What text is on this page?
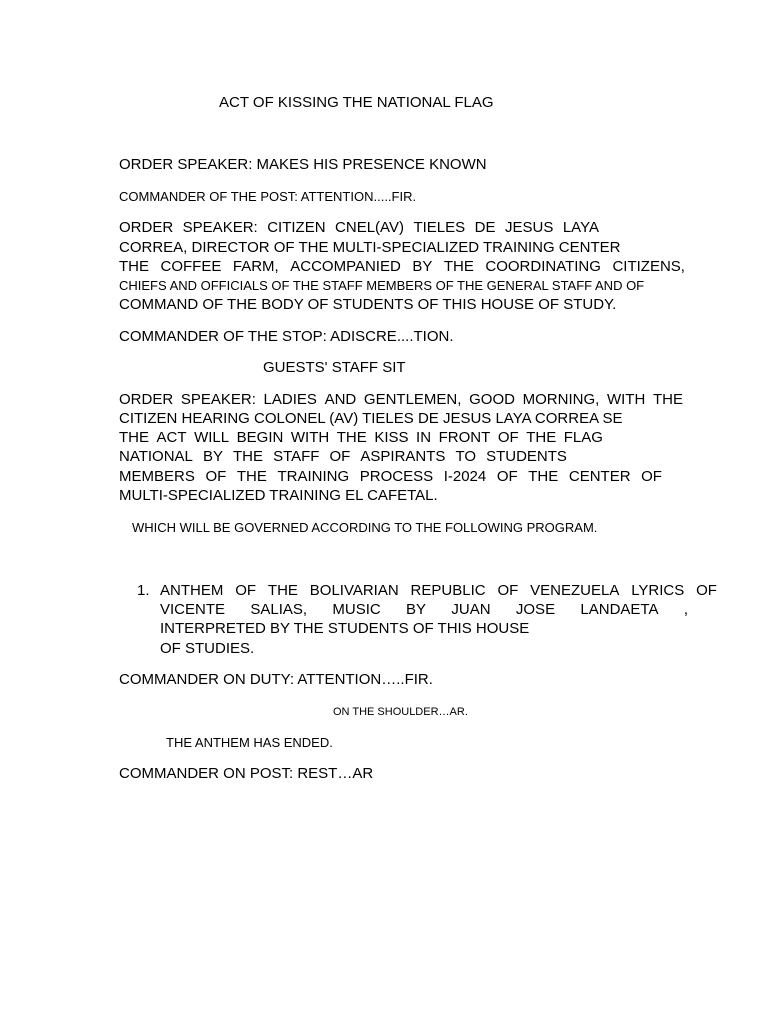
ACT OF KISSING THE NATIONAL FLAG
ORDER SPEAKER: MAKES HIS PRESENCE KNOWN
COMMANDER OF THE POST: ATTENTION.....FIR.
ORDER SPEAKER: CITIZEN CNEL(AV) TIELES DE JESUS LAYA
CORREA, DIRECTOR OF THE MULTI-SPECIALIZED TRAINING CENTER
THE COFFEE FARM, ACCOMPANIED BY THE COORDINATING CITIZENS,
CHIEFS AND OFFICIALS OF THE STAFF MEMBERS OF THE GENERAL STAFF AND OF
COMMAND OF THE BODY OF STUDENTS OF THIS HOUSE OF STUDY.
COMMANDER OF THE STOP: ADISCRE....TION.
GUESTS' STAFF SIT
ORDER SPEAKER: LADIES AND GENTLEMEN, GOOD MORNING, WITH THE
CITIZEN HEARING COLONEL (AV) TIELES DE JESUS LAYA CORREA SE
THE ACT WILL BEGIN WITH THE KISS IN FRONT OF THE FLAG
NATIONAL BY THE STAFF OF ASPIRANTS TO STUDENTS
MEMBERS OF THE TRAINING PROCESS I-2024 OF THE CENTER OF
MULTI-SPECIALIZED TRAINING EL CAFETAL.
WHICH WILL BE GOVERNED ACCORDING TO THE FOLLOWING PROGRAM.
1. ANTHEM OF THE BOLIVARIAN REPUBLIC OF VENEZUELA LYRICS OF
VICENTE SALIAS, MUSIC BY JUAN JOSE LANDAETA ,
INTERPRETED BY THE STUDENTS OF THIS HOUSE
OF STUDIES.
COMMANDER ON DUTY: ATTENTION…..FIR.
ON THE SHOULDER…AR.
THE ANTHEM HAS ENDED.
COMMANDER ON POST: REST…AR
